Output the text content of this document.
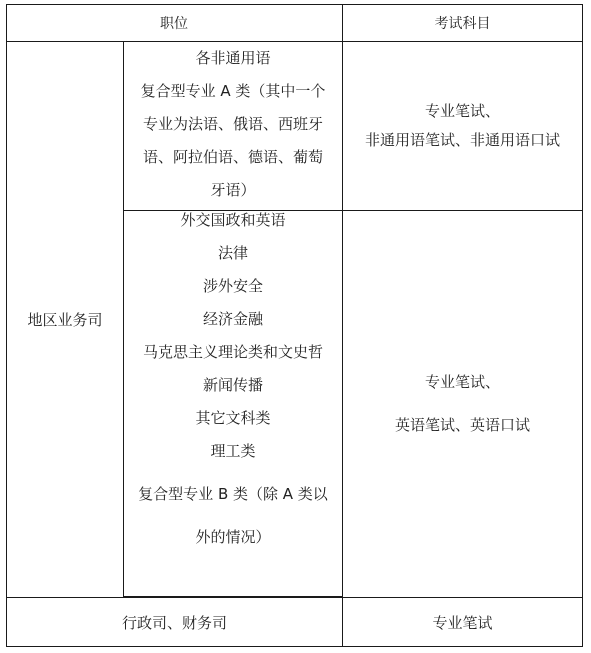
职位	考试科目
地区业务司
各非通用语
复合型专业 A 类（其中一个
专业为法语、俄语、西班牙
语、阿拉伯语、德语、葡萄
牙语）
专业笔试、
非通用语笔试、非通用语口试
外交国政和英语
法律
涉外安全
经济金融
马克思主义理论类和文史哲
新闻传播
其它文科类
理工类
复合型专业 B 类（除 A 类以
外的情况）
专业笔试、
英语笔试、英语口试
行政司、财务司	专业笔试
